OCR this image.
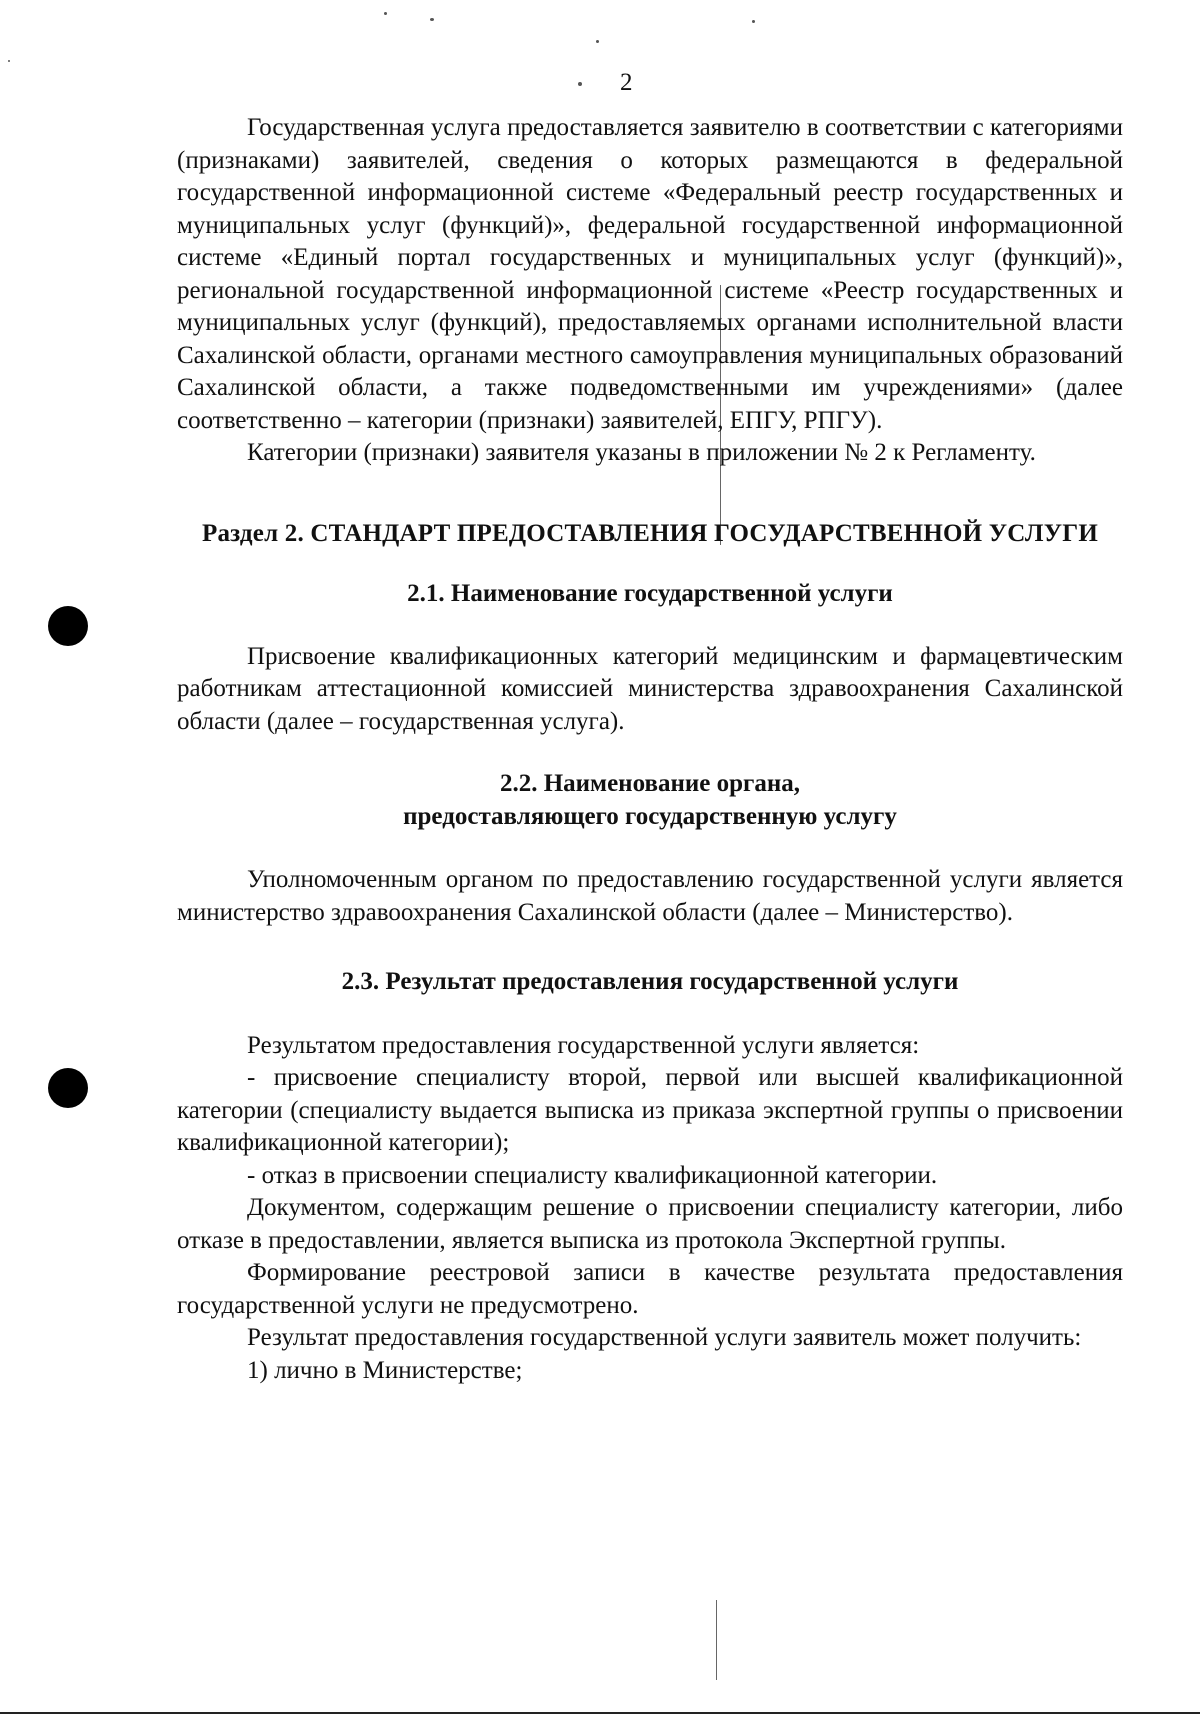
2

Государственная услуга предоставляется заявителю в соответствии с категориями (признаками) заявителей, сведения о которых размещаются в федеральной государственной информационной системе «Федеральный реестр государственных и муниципальных услуг (функций)», федеральной государственной информационной системе «Единый портал государственных и муниципальных услуг (функций)», региональной государственной информационной системе «Реестр государственных и муниципальных услуг (функций), предоставляемых органами исполнительной власти Сахалинской области, органами местного самоуправления муниципальных образований Сахалинской области, а также подведомственными им учреждениями» (далее соответственно – категории (признаки) заявителей, ЕПГУ, РПГУ).

Категории (признаки) заявителя указаны в приложении № 2 к Регламенту.

Раздел 2. СТАНДАРТ ПРЕДОСТАВЛЕНИЯ ГОСУДАРСТВЕННОЙ УСЛУГИ
2.1. Наименование государственной услуги

Присвоение квалификационных категорий медицинским и фармацевтическим работникам аттестационной комиссией министерства здравоохранения Сахалинской области (далее – государственная услуга).

2.2. Наименование органа,
предоставляющего государственную услугу

Уполномоченным органом по предоставлению государственной услуги является министерство здравоохранения Сахалинской области (далее – Министерство).

2.3. Результат предоставления государственной услуги

Результатом предоставления государственной услуги является:

- присвоение специалисту второй, первой или высшей квалификационной категории (специалисту выдается выписка из приказа экспертной группы о присвоении квалификационной категории);

- отказ в присвоении специалисту квалификационной категории.

Документом, содержащим решение о присвоении специалисту категории, либо отказе в предоставлении, является выписка из протокола Экспертной группы.

Формирование реестровой записи в качестве результата предоставления государственной услуги не предусмотрено.

Результат предоставления государственной услуги заявитель может получить:

1) лично в Министерстве;
